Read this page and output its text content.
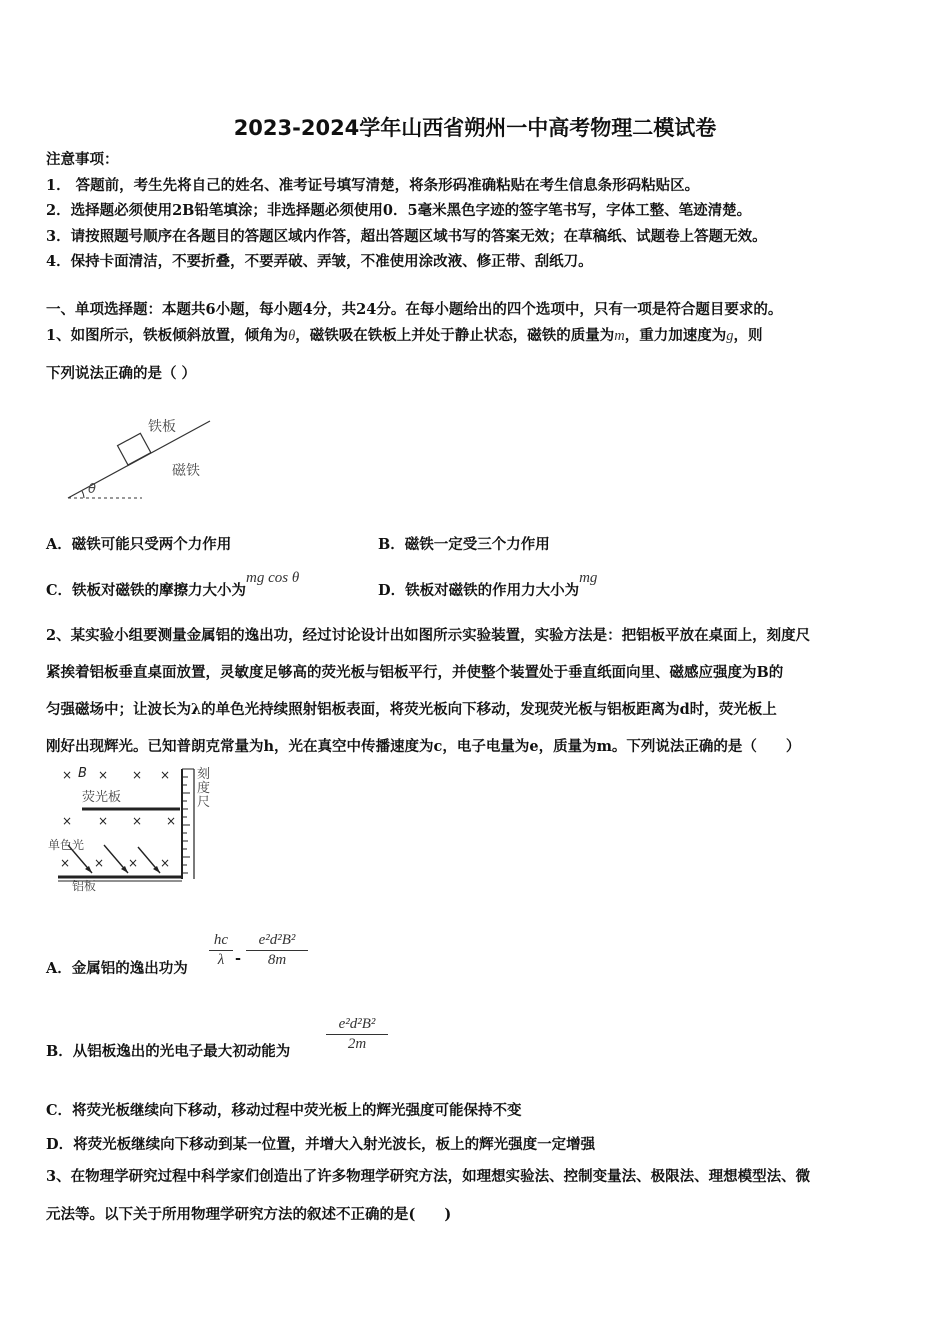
2023-2024学年山西省朔州一中高考物理二模试卷
注意事项：
1． 答题前，考生先将自己的姓名、准考证号填写清楚，将条形码准确粘贴在考生信息条形码粘贴区。
2．选择题必须使用2B铅笔填涂；非选择题必须使用0．5毫米黑色字迹的签字笔书写，字体工整、笔迹清楚。
3．请按照题号顺序在各题目的答题区域内作答，超出答题区域书写的答案无效；在草稿纸、试题卷上答题无效。
4．保持卡面清洁，不要折叠，不要弄破、弄皱，不准使用涂改液、修正带、刮纸刀。
一、单项选择题：本题共6小题，每小题4分，共24分。在每小题给出的四个选项中，只有一项是符合题目要求的。
1、如图所示，铁板倾斜放置，倾角为θ，磁铁吸在铁板上并处于静止状态，磁铁的质量为m，重力加速度为g，则
下列说法正确的是（ ）
铁板
磁铁
θ
A．磁铁可能只受两个力作用	B．磁铁一定受三个力作用
C．铁板对磁铁的摩擦力大小为mg cos θ
D．铁板对磁铁的作用力大小为mg
2、某实验小组要测量金属铝的逸出功，经过讨论设计出如图所示实验装置，实验方法是：把铝板平放在桌面上，刻度尺
紧挨着铝板垂直桌面放置，灵敏度足够高的荧光板与铝板平行，并使整个装置处于垂直纸面向里、磁感应强度为B的
匀强磁场中；让波长为λ的单色光持续照射铝板表面，将荧光板向下移动，发现荧光板与铝板距离为d时，荧光板上
刚好出现辉光。已知普朗克常量为h，光在真空中传播速度为c，电子电量为e，质量为m。下列说法正确的是（　　）
× B × × ×
× × × ×
× × × ×
荧光板
单色光
铝板
刻度尺
A．金属铝的逸出功为
hc
λ -
e²d²B²
8m
B．从铝板逸出的光电子最大初动能为
e²d²B²
2m
C．将荧光板继续向下移动，移动过程中荧光板上的辉光强度可能保持不变
D．将荧光板继续向下移动到某一位置，并增大入射光波长，板上的辉光强度一定增强
3、在物理学研究过程中科学家们创造出了许多物理学研究方法，如理想实验法、控制变量法、极限法、理想模型法、微
元法等。以下关于所用物理学研究方法的叙述不正确的是(　　)
